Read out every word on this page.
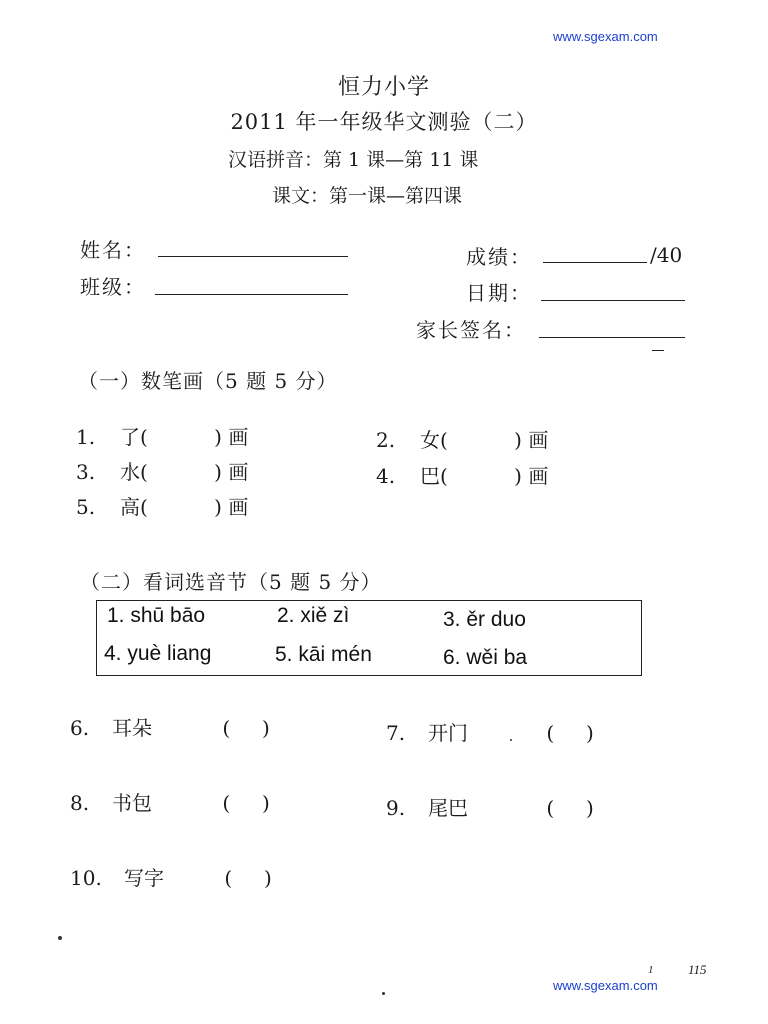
www.sgexam.com
恒力小学
2011 年一年级华文测验（二）
汉语拼音：第 1 课—第 11 课
课文：第一课—第四课
姓名：
班级：
成绩：	/40
日期：
家长签名：
（一）数笔画（5 题 5 分）
1. 了(	) 画	2. 女(	) 画
3. 水(	) 画	4. 巴(	) 画
5. 高(	) 画
（二）看词选音节（5 题 5 分）
1. shū bāo	2. xiě zì	3. ěr duo
4. yuè liang	5. kāi mén	6. wěi ba
6. 耳朵	(     )	7. 开门	(     )
8. 书包	(     )	9. 尾巴	(     )
10. 写字	(     )
1	115
www.sgexam.com
